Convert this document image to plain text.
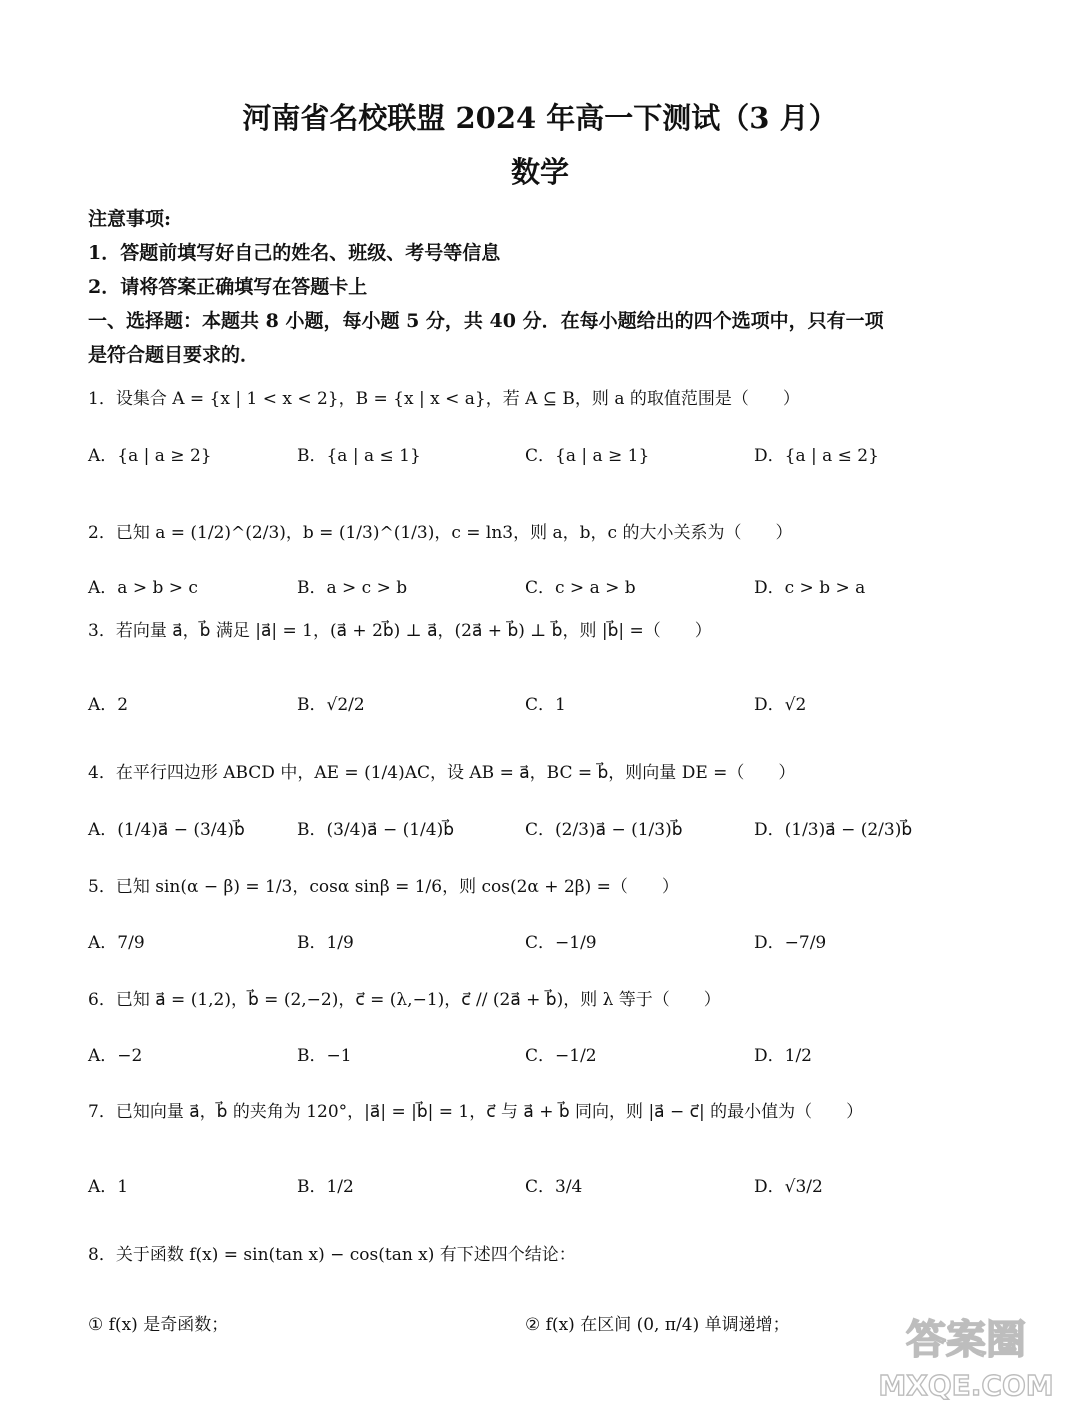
河南省名校联盟 2024 年高一下测试（3 月）
数学
注意事项:
1．答题前填写好自己的姓名、班级、考号等信息
2．请将答案正确填写在答题卡上
一、选择题：本题共 8 小题，每小题 5 分，共 40 分．在每小题给出的四个选项中，只有一项
是符合题目要求的．
1．设集合 A = {x | 1 < x < 2}，B = {x | x < a}，若 A ⊆ B，则 a 的取值范围是（　　）
A．{a | a ≥ 2}	B．{a | a ≤ 1}	C．{a | a ≥ 1}	D．{a | a ≤ 2}
2．已知 a = (1/2)^(2/3)，b = (1/3)^(1/3)，c = ln3，则 a，b，c 的大小关系为（　　）
A．a > b > c	B．a > c > b	C．c > a > b	D．c > b > a
3．若向量 a⃗，b⃗ 满足 |a⃗| = 1，(a⃗ + 2b⃗) ⊥ a⃗，(2a⃗ + b⃗) ⊥ b⃗，则 |b⃗| =（　　）
A．2	B．√2/2	C．1	D．√2
4．在平行四边形 ABCD 中，AE = (1/4)AC，设 AB = a⃗，BC = b⃗，则向量 DE =（　　）
A．(1/4)a⃗ − (3/4)b⃗	B．(3/4)a⃗ − (1/4)b⃗	C．(2/3)a⃗ − (1/3)b⃗	D．(1/3)a⃗ − (2/3)b⃗
5．已知 sin(α − β) = 1/3，cosα sinβ = 1/6，则 cos(2α + 2β) =（　　）
A．7/9	B．1/9	C．−1/9	D．−7/9
6．已知 a⃗ = (1,2)，b⃗ = (2,−2)，c⃗ = (λ,−1)，c⃗ // (2a⃗ + b⃗)，则 λ 等于（　　）
A．−2	B．−1	C．−1/2	D．1/2
7．已知向量 a⃗，b⃗ 的夹角为 120°，|a⃗| = |b⃗| = 1，c⃗ 与 a⃗ + b⃗ 同向，则 |a⃗ − c⃗| 的最小值为（　　）
A．1	B．1/2	C．3/4	D．√3/2
8．关于函数 f(x) = sin(tan x) − cos(tan x) 有下述四个结论：
① f(x) 是奇函数；	② f(x) 在区间 (0, π/4) 单调递增；	答案圈
MXQE.COM
